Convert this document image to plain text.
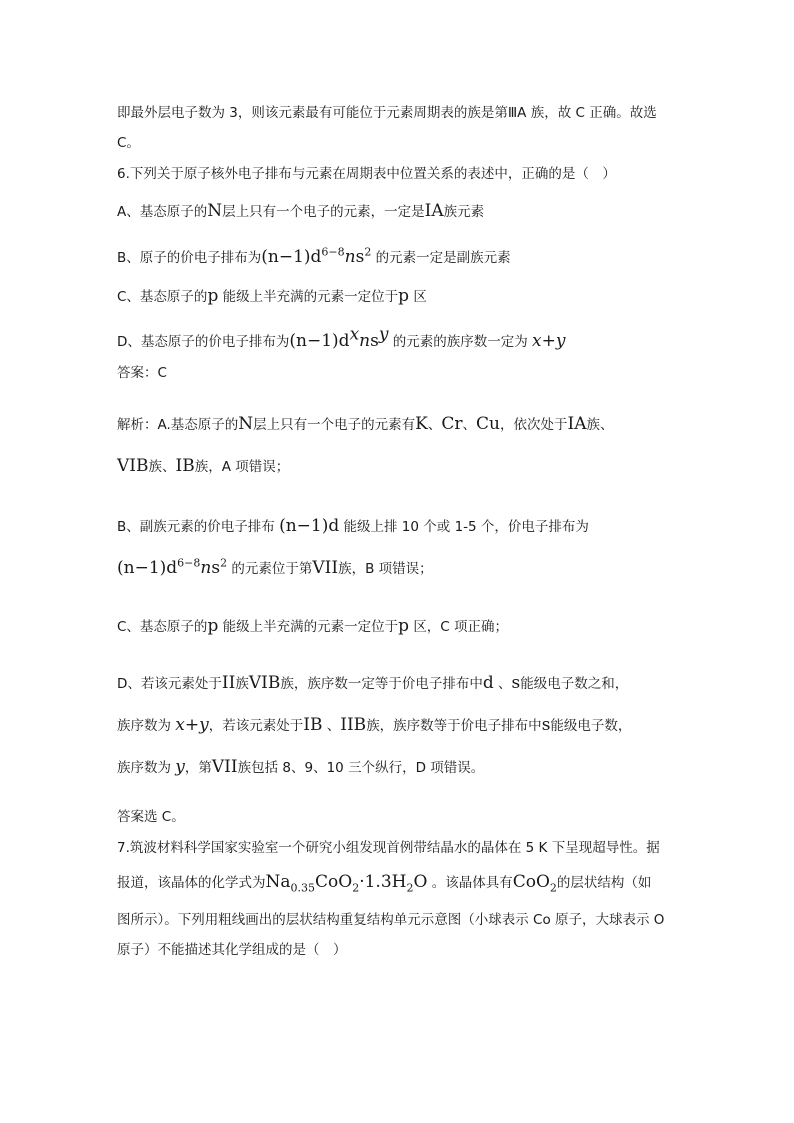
即最外层电子数为 3，则该元素最有可能位于元素周期表的族是第ⅢA 族，故 C 正确。故选
C。
6.下列关于原子核外电子排布与元素在周期表中位置关系的表述中，正确的是（　）
A、基态原子的N层上只有一个电子的元素，一定是IA族元素
B、原子的价电子排布为$(n-1)d^{6-8}ns^2$ 的元素一定是副族元素
C、基态原子的p 能级上半充满的元素一定位于p 区
D、基态原子的价电子排布为$(n-1)d^xns^y$ 的元素的族序数一定为 x+y
答案：C
解析：A.基态原子的N层上只有一个电子的元素有K、Cr、Cu，依次处于IA族、
VIB族、IB族，A 项错误；
B、副族元素的价电子排布 (n−1)d 能级上排 10 个或 1-5 个，价电子排布为
$(n-1)d^{6-8}ns^2$ 的元素位于第VII族，B 项错误；
C、基态原子的p 能级上半充满的元素一定位于p 区，C 项正确；
D、若该元素处于II族VIB族，族序数一定等于价电子排布中d 、s能级电子数之和，
族序数为 x+y，若该元素处于IB 、IIB族，族序数等于价电子排布中s能级电子数，
族序数为 y，第VII族包括 8、9、10 三个纵行，D 项错误。
答案选 C。
7.筑波材料科学国家实验室一个研究小组发现首例带结晶水的晶体在 5 K 下呈现超导性。据
报道，该晶体的化学式为$Na_{0.35}CoO_2\cdot 1.3H_2O$ 。该晶体具有CoO$_2$的层状结构（如
图所示）。下列用粗线画出的层状结构重复结构单元示意图（小球表示 Co 原子，大球表示 O
原子）不能描述其化学组成的是（　）
